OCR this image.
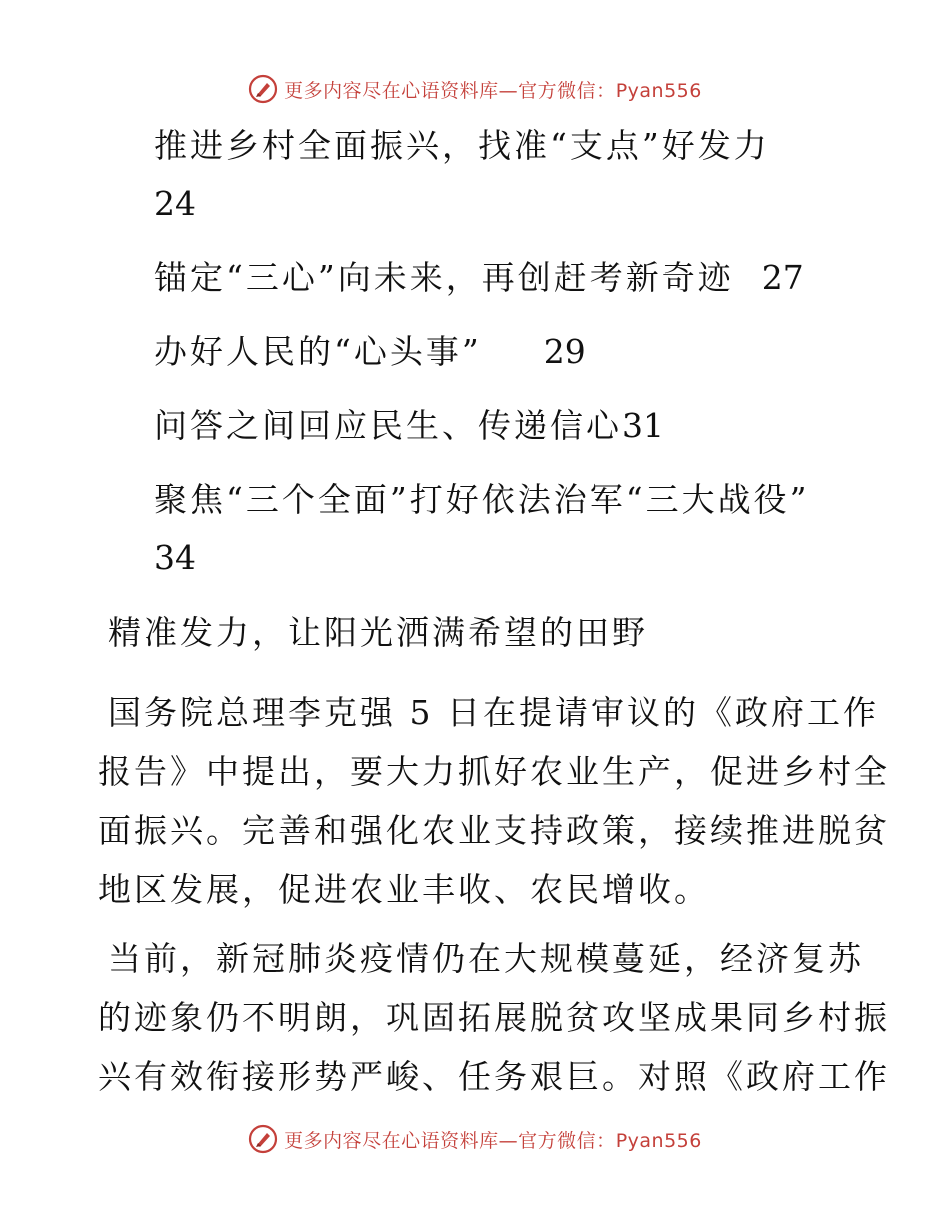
更多内容尽在心语资料库—官方微信：Pyan556
推进乡村全面振兴，找准“支点”好发力
24
锚定“三心”向未来，再创赶考新奇迹 27
办好人民的“心头事” 29
问答之间回应民生、传递信心31
聚焦“三个全面”打好依法治军“三大战役”
34
精准发力，让阳光洒满希望的田野
国务院总理李克强 5 日在提请审议的《政府工作
报告》中提出，要大力抓好农业生产，促进乡村全
面振兴。完善和强化农业支持政策，接续推进脱贫
地区发展，促进农业丰收、农民增收。
当前，新冠肺炎疫情仍在大规模蔓延，经济复苏
的迹象仍不明朗，巩固拓展脱贫攻坚成果同乡村振
兴有效衔接形势严峻、任务艰巨。对照《政府工作
更多内容尽在心语资料库—官方微信：Pyan556
